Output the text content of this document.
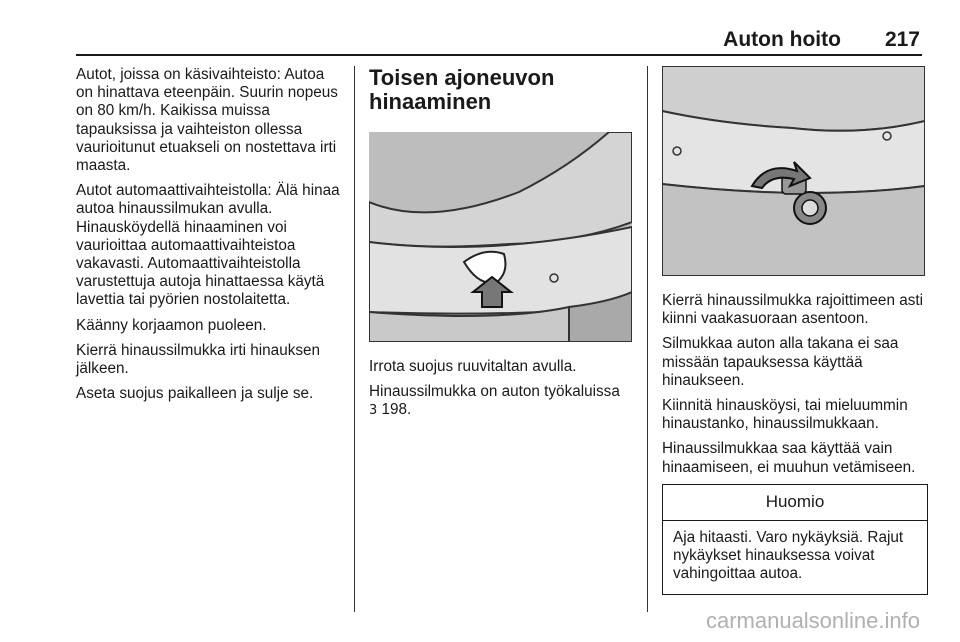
Auton hoito 217

Autot, joissa on käsivaihteisto: Autoa on hinattava eteenpäin. Suurin nopeus on 80 km/h. Kaikissa muissa tapauksissa ja vaihteiston ollessa vaurioitunut etuakseli on nostettava irti maasta.

Autot automaattivaihteistolla: Älä hinaa autoa hinaussilmukan avulla. Hinausköydellä hinaaminen voi vaurioittaa automaattivaihteistoa vakavasti. Automaattivaihteistolla varustettuja autoja hinattaessa käytä lavettia tai pyörien nostolaitetta.

Käänny korjaamon puoleen.

Kierrä hinaussilmukka irti hinauksen jälkeen.

Aseta suojus paikalleen ja sulje se.

Toisen ajoneuvon hinaaminen

Irrota suojus ruuvitaltan avulla.

Hinaussilmukka on auton työkaluissa
3 198.

Kierrä hinaussilmukka rajoittimeen asti kiinni vaakasuoraan asentoon.

Silmukkaa auton alla takana ei saa missään tapauksessa käyttää hinaukseen.

Kiinnitä hinausköysi, tai mieluummin hinaustanko, hinaussilmukkaan.

Hinaussilmukkaa saa käyttää vain hinaamiseen, ei muuhun vetämiseen.

Huomio
Aja hitaasti. Varo nykäyksiä. Rajut nykäykset hinauksessa voivat vahingoittaa autoa.
carmanualsonline.info
